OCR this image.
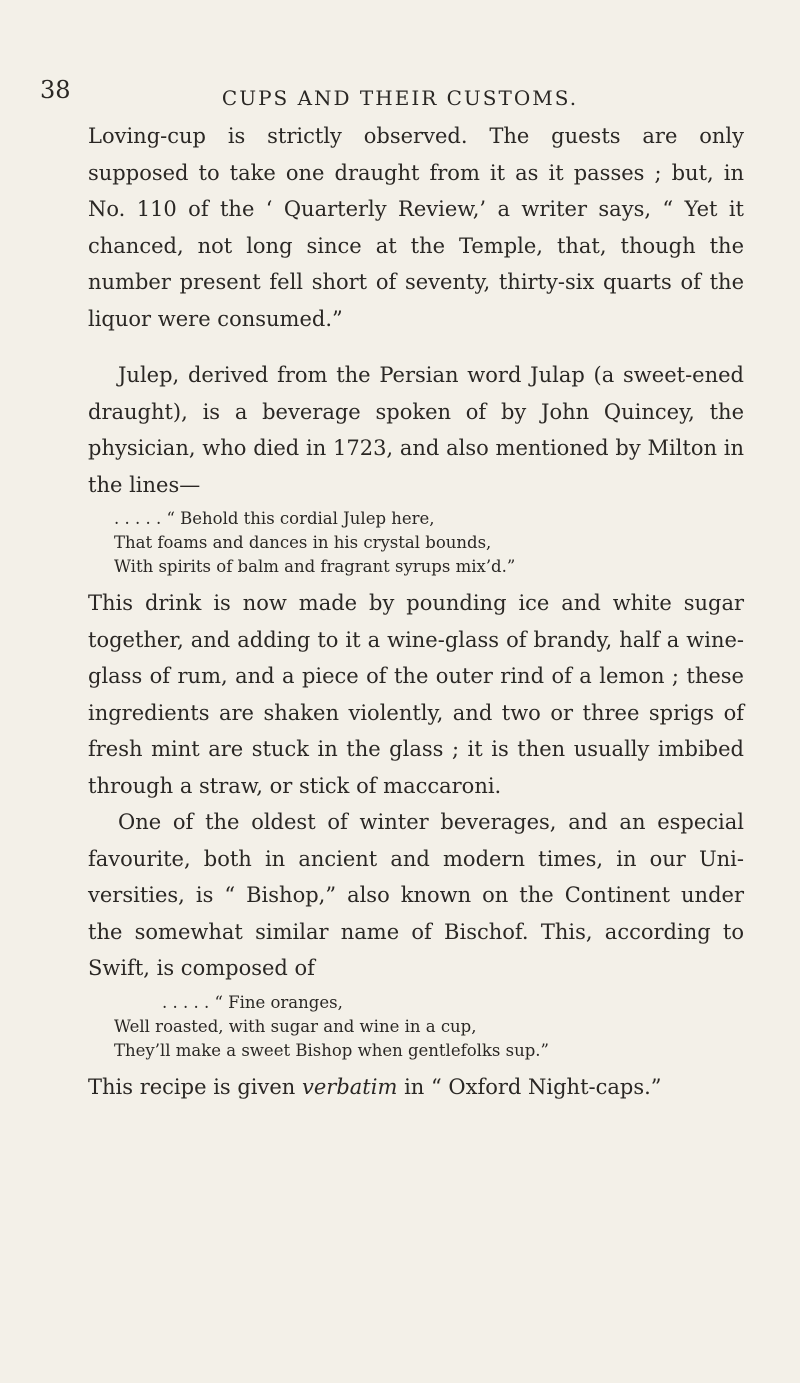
38	CUPS AND THEIR CUSTOMS.

Loving-cup is strictly observed. The guests are only supposed to take one draught from it as it passes ; but, in No. 110 of the ‘ Quarterly Review,’ a writer says, “ Yet it chanced, not long since at the Temple, that, though the number present fell short of seventy, thirty-six quarts of the liquor were consumed.”

Julep, derived from the Persian word Julap (a sweet-ened draught), is a beverage spoken of by John Quincey, the physician, who died in 1723, and also mentioned by Milton in the lines—

. . . . . “ Behold this cordial Julep here,
That foams and dances in his crystal bounds,
With spirits of balm and fragrant syrups mix’d.”

This drink is now made by pounding ice and white sugar together, and adding to it a wine-glass of brandy, half a wine-glass of rum, and a piece of the outer rind of a lemon ; these ingredients are shaken violently, and two or three sprigs of fresh mint are stuck in the glass ; it is then usually imbibed through a straw, or stick of maccaroni.

One of the oldest of winter beverages, and an especial favourite, both in ancient and modern times, in our Uni-versities, is “ Bishop,” also known on the Continent under the somewhat similar name of Bischof. This, according to Swift, is composed of

. . . . . “ Fine oranges,
Well roasted, with sugar and wine in a cup,
They’ll make a sweet Bishop when gentlefolks sup.”

This recipe is given verbatim in “ Oxford Night-caps.”
